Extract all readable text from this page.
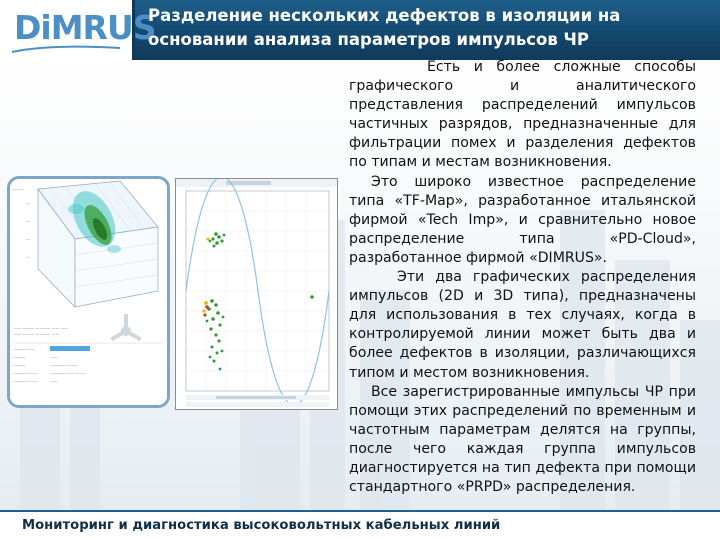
DiMRUS
Разделение нескольких дефектов в изоляции на основании анализа параметров импульсов ЧР
———
—
—
—
—
—— ——— ———— —— ——
—— ——— ———— ——
——— ——
———	——
———	———— ———
——— ———	———— —— ———
———— ——	——

Есть и более сложные способы графического и аналитического представления распределений импульсов частичных разрядов, предназначенные для фильтрации помех и разделения дефектов по типам и местам возникновения.

Это широко известное распределение типа «TF-Map», разработанное итальянской фирмой «Tech Imp», и сравнительно новое распределение типа «PD-Cloud», разработанное фирмой «DIMRUS».

Эти два графических распределения импульсов (2D и 3D типа), предназначены для использования в тех случаях, когда в контролируемой линии может быть два и более дефектов в изоляции, различающихся типом и местом возникновения.

Все зарегистрированные импульсы ЧР при помощи этих распределений по временным и частотным параметрам делятся на группы, после чего каждая группа импульсов диагностируется на тип дефекта при помощи стандартного «PRPD» распределения.

Мониторинг и диагностика высоковольтных кабельных линий
